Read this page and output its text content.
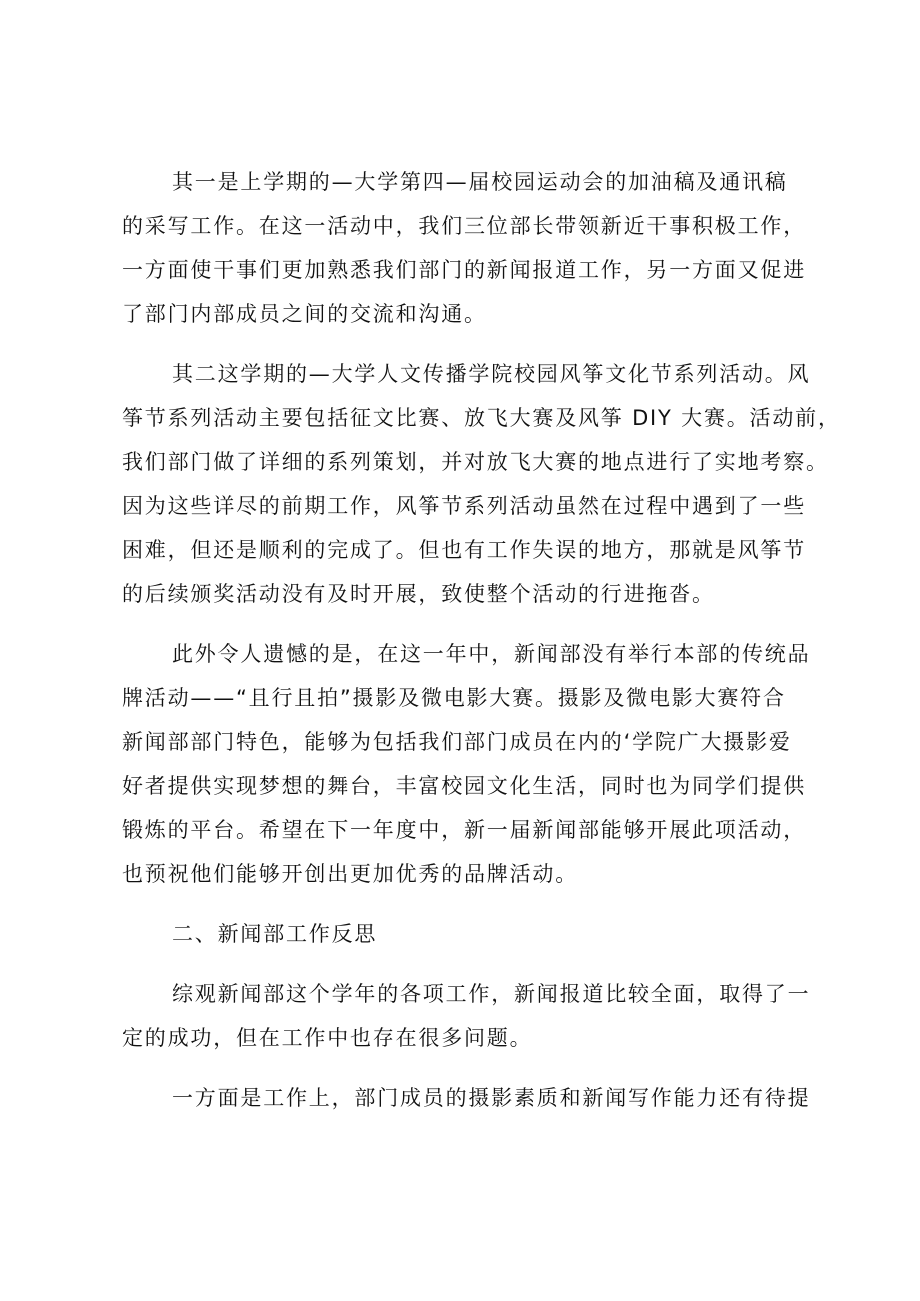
其一是上学期的—大学第四—届校园运动会的加油稿及通讯稿
的采写工作。在这一活动中，我们三位部长带领新近干事积极工作，
一方面使干事们更加熟悉我们部门的新闻报道工作，另一方面又促进
了部门内部成员之间的交流和沟通。
其二这学期的—大学人文传播学院校园风筝文化节系列活动。风
筝节系列活动主要包括征文比赛、放飞大赛及风筝 DIY 大赛。活动前，
我们部门做了详细的系列策划，并对放飞大赛的地点进行了实地考察。
因为这些详尽的前期工作，风筝节系列活动虽然在过程中遇到了一些
困难，但还是顺利的完成了。但也有工作失误的地方，那就是风筝节
的后续颁奖活动没有及时开展，致使整个活动的行进拖沓。
此外令人遗憾的是，在这一年中，新闻部没有举行本部的传统品
牌活动——“且行且拍”摄影及微电影大赛。摄影及微电影大赛符合
新闻部部门特色，能够为包括我们部门成员在内的‘学院广大摄影爱
好者提供实现梦想的舞台，丰富校园文化生活，同时也为同学们提供
锻炼的平台。希望在下一年度中，新一届新闻部能够开展此项活动，
也预祝他们能够开创出更加优秀的品牌活动。
二、新闻部工作反思
综观新闻部这个学年的各项工作，新闻报道比较全面，取得了一
定的成功，但在工作中也存在很多问题。
一方面是工作上，部门成员的摄影素质和新闻写作能力还有待提
